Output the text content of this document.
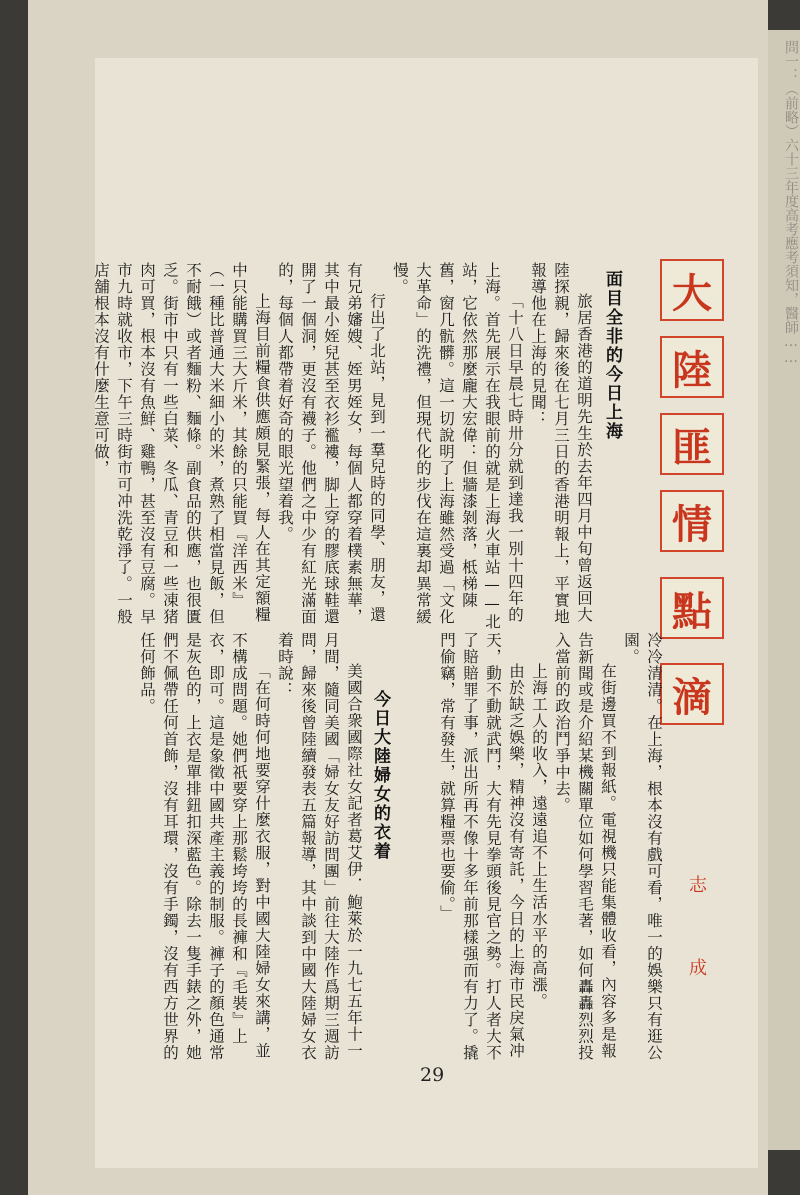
問一：（前略）六十三年度高考應考須知，醫師……
大
陸
匪
情
點
滴
志 成
面目全非的今日上海

旅居香港的道明先生於去年四月中旬曾返回大陸探親，歸來後在七月三日的香港明報上，平實地報導他在上海的見聞：

「十八日早晨七時卅分就到達我一別十四年的上海。首先展示在我眼前的就是上海火車站——北站，它依然那麼龐大宏偉：但牆漆剝落，柢梯陳舊，窗几骯髒。這一切說明了上海雖然受過「文化大革命」的洗禮，但現代化的步伐在這裏却異常緩慢。

行出了北站，見到一羣兒時的同學、朋友，還有兄弟嬸嫂、姪男姪女，每個人都穿着樸素無華，其中最小姪兒甚至衣衫襤褸，脚上穿的膠底球鞋還開了一個洞，更沒有襪子。他們之中少有紅光滿面的，每個人都帶着好奇的眼光望着我。

上海目前糧食供應頗見緊張，每人在其定額糧中只能購買三大斤米，其餘的只能買『洋西米』（一種比普通大米細小的米，煮熟了相當見飯，但不耐餓）或者麵粉、麵條。副食品的供應，也很匱乏。街市中只有一些白菜、冬瓜、青豆和一些凍猪肉可買，根本沒有魚鮮、雞鴨，甚至沒有豆腐。早市九時就收市，下午三時街市可冲洗乾淨了。一般店舖根本沒有什麼生意可做，

冷冷清清。在上海，根本沒有戲可看，唯一的娛樂只有逛公園。

在街邊買不到報紙。電視機只能集體收看，內容多是報告新聞或是介紹某機關單位如何學習毛著，如何轟轟烈烈投入當前的政治鬥爭中去。

上海工人的收入，遠遠追不上生活水平的高漲。

由於缺乏娛樂，精神沒有寄託，今日的上海市民戾氣冲天，動不動就武鬥，大有先見拳頭後見官之勢。打人者大不了賠賠罪了事，派出所再不像十多年前那樣强而有力了。撬門偷竊，常有發生，就算糧票也要偷。」

今日大陸婦女的衣着

美國合衆國際社女記者葛艾伊．鮑萊於一九七五年十一月間，隨同美國「婦女友好訪問團」前往大陸作爲期三週訪問，歸來後曾陸續發表五篇報導，其中談到中國大陸婦女衣着時說：

「在何時何地要穿什麼衣服，對中國大陸婦女來講，並不構成問題。她們祇要穿上那鬆垮垮的長褲和『毛裝』上衣，即可。這是象徵中國共產主義的制服。褲子的顏色通常是灰色的，上衣是單排鈕扣深藍色。除去一隻手錶之外，她們不佩帶任何首飾，沒有耳環，沒有手鐲，沒有西方世界的任何飾品。

29
